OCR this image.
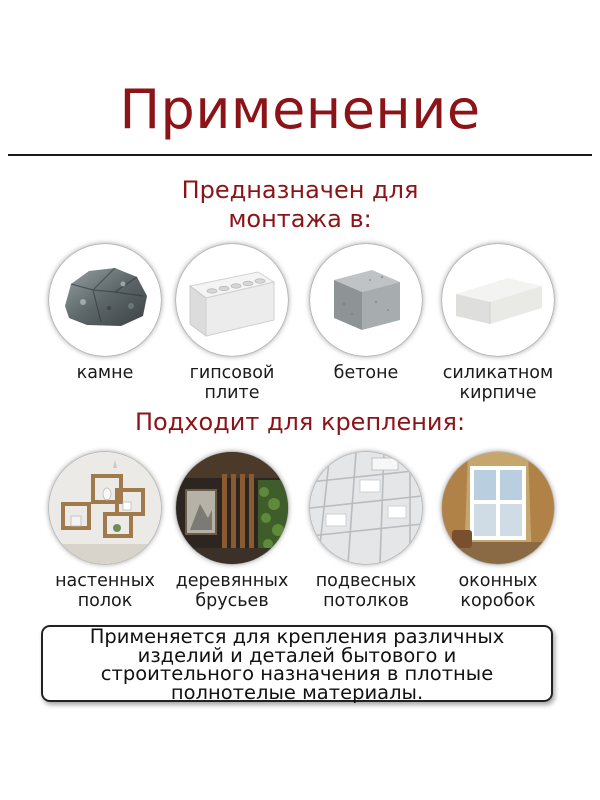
Применение
Предназначен для
монтажа в:
камне	гипсовой
плите
бетоне	силикатном
кирпиче
Подходит для крепления:
настенных
полок
деревянных
брусьев
подвесных
потолков
оконных
коробок
Применяется для крепления различных
изделий и деталей бытового и
строительного назначения в плотные
полнотелые материалы.
